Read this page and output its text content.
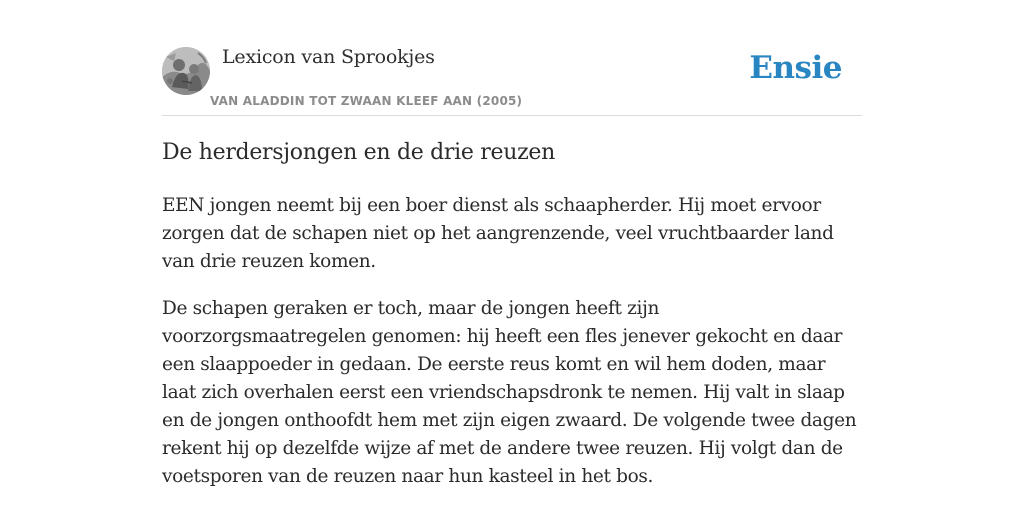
Lexicon van Sprookjes
VAN ALADDIN TOT ZWAAN KLEEF AAN (2005)
Ensie
De herdersjongen en de drie reuzen

EEN jongen neemt bij een boer dienst als schaapherder. Hij moet ervoor zorgen dat de schapen niet op het aangrenzende, veel vruchtbaarder land van drie reuzen komen.

De schapen geraken er toch, maar de jongen heeft zijn voorzorgsmaatregelen genomen: hij heeft een fles jenever gekocht en daar een slaappoeder in gedaan. De eerste reus komt en wil hem doden, maar laat zich overhalen eerst een vriendschapsdronk te nemen. Hij valt in slaap en de jongen onthoofdt hem met zijn eigen zwaard. De volgende twee dagen rekent hij op dezelfde wijze af met de andere twee reuzen. Hij volgt dan de voetsporen van de reuzen naar hun kasteel in het bos.
